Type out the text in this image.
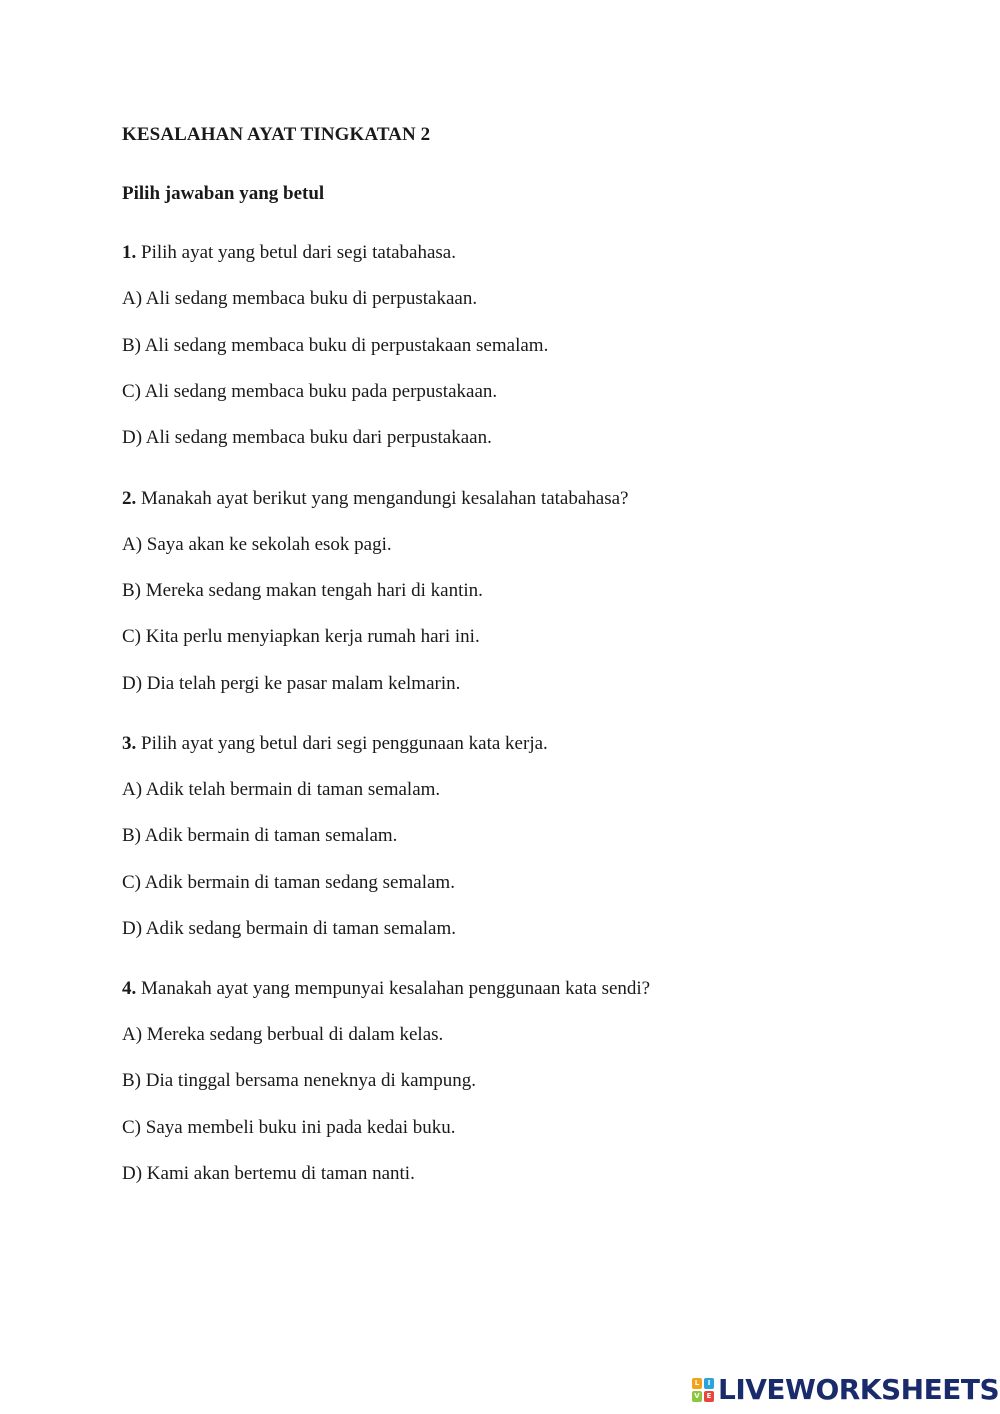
KESALAHAN AYAT TINGKATAN 2
Pilih jawaban yang betul
1. Pilih ayat yang betul dari segi tatabahasa.
A) Ali sedang membaca buku di perpustakaan.
B) Ali sedang membaca buku di perpustakaan semalam.
C) Ali sedang membaca buku pada perpustakaan.
D) Ali sedang membaca buku dari perpustakaan.
2. Manakah ayat berikut yang mengandungi kesalahan tatabahasa?
A) Saya akan ke sekolah esok pagi.
B) Mereka sedang makan tengah hari di kantin.
C) Kita perlu menyiapkan kerja rumah hari ini.
D) Dia telah pergi ke pasar malam kelmarin.
3. Pilih ayat yang betul dari segi penggunaan kata kerja.
A) Adik telah bermain di taman semalam.
B) Adik bermain di taman semalam.
C) Adik bermain di taman sedang semalam.
D) Adik sedang bermain di taman semalam.
4. Manakah ayat yang mempunyai kesalahan penggunaan kata sendi?
A) Mereka sedang berbual di dalam kelas.
B) Dia tinggal bersama neneknya di kampung.
C) Saya membeli buku ini pada kedai buku.
D) Kami akan bertemu di taman nanti.
L	I
V E LIVEWORKSHEETS
